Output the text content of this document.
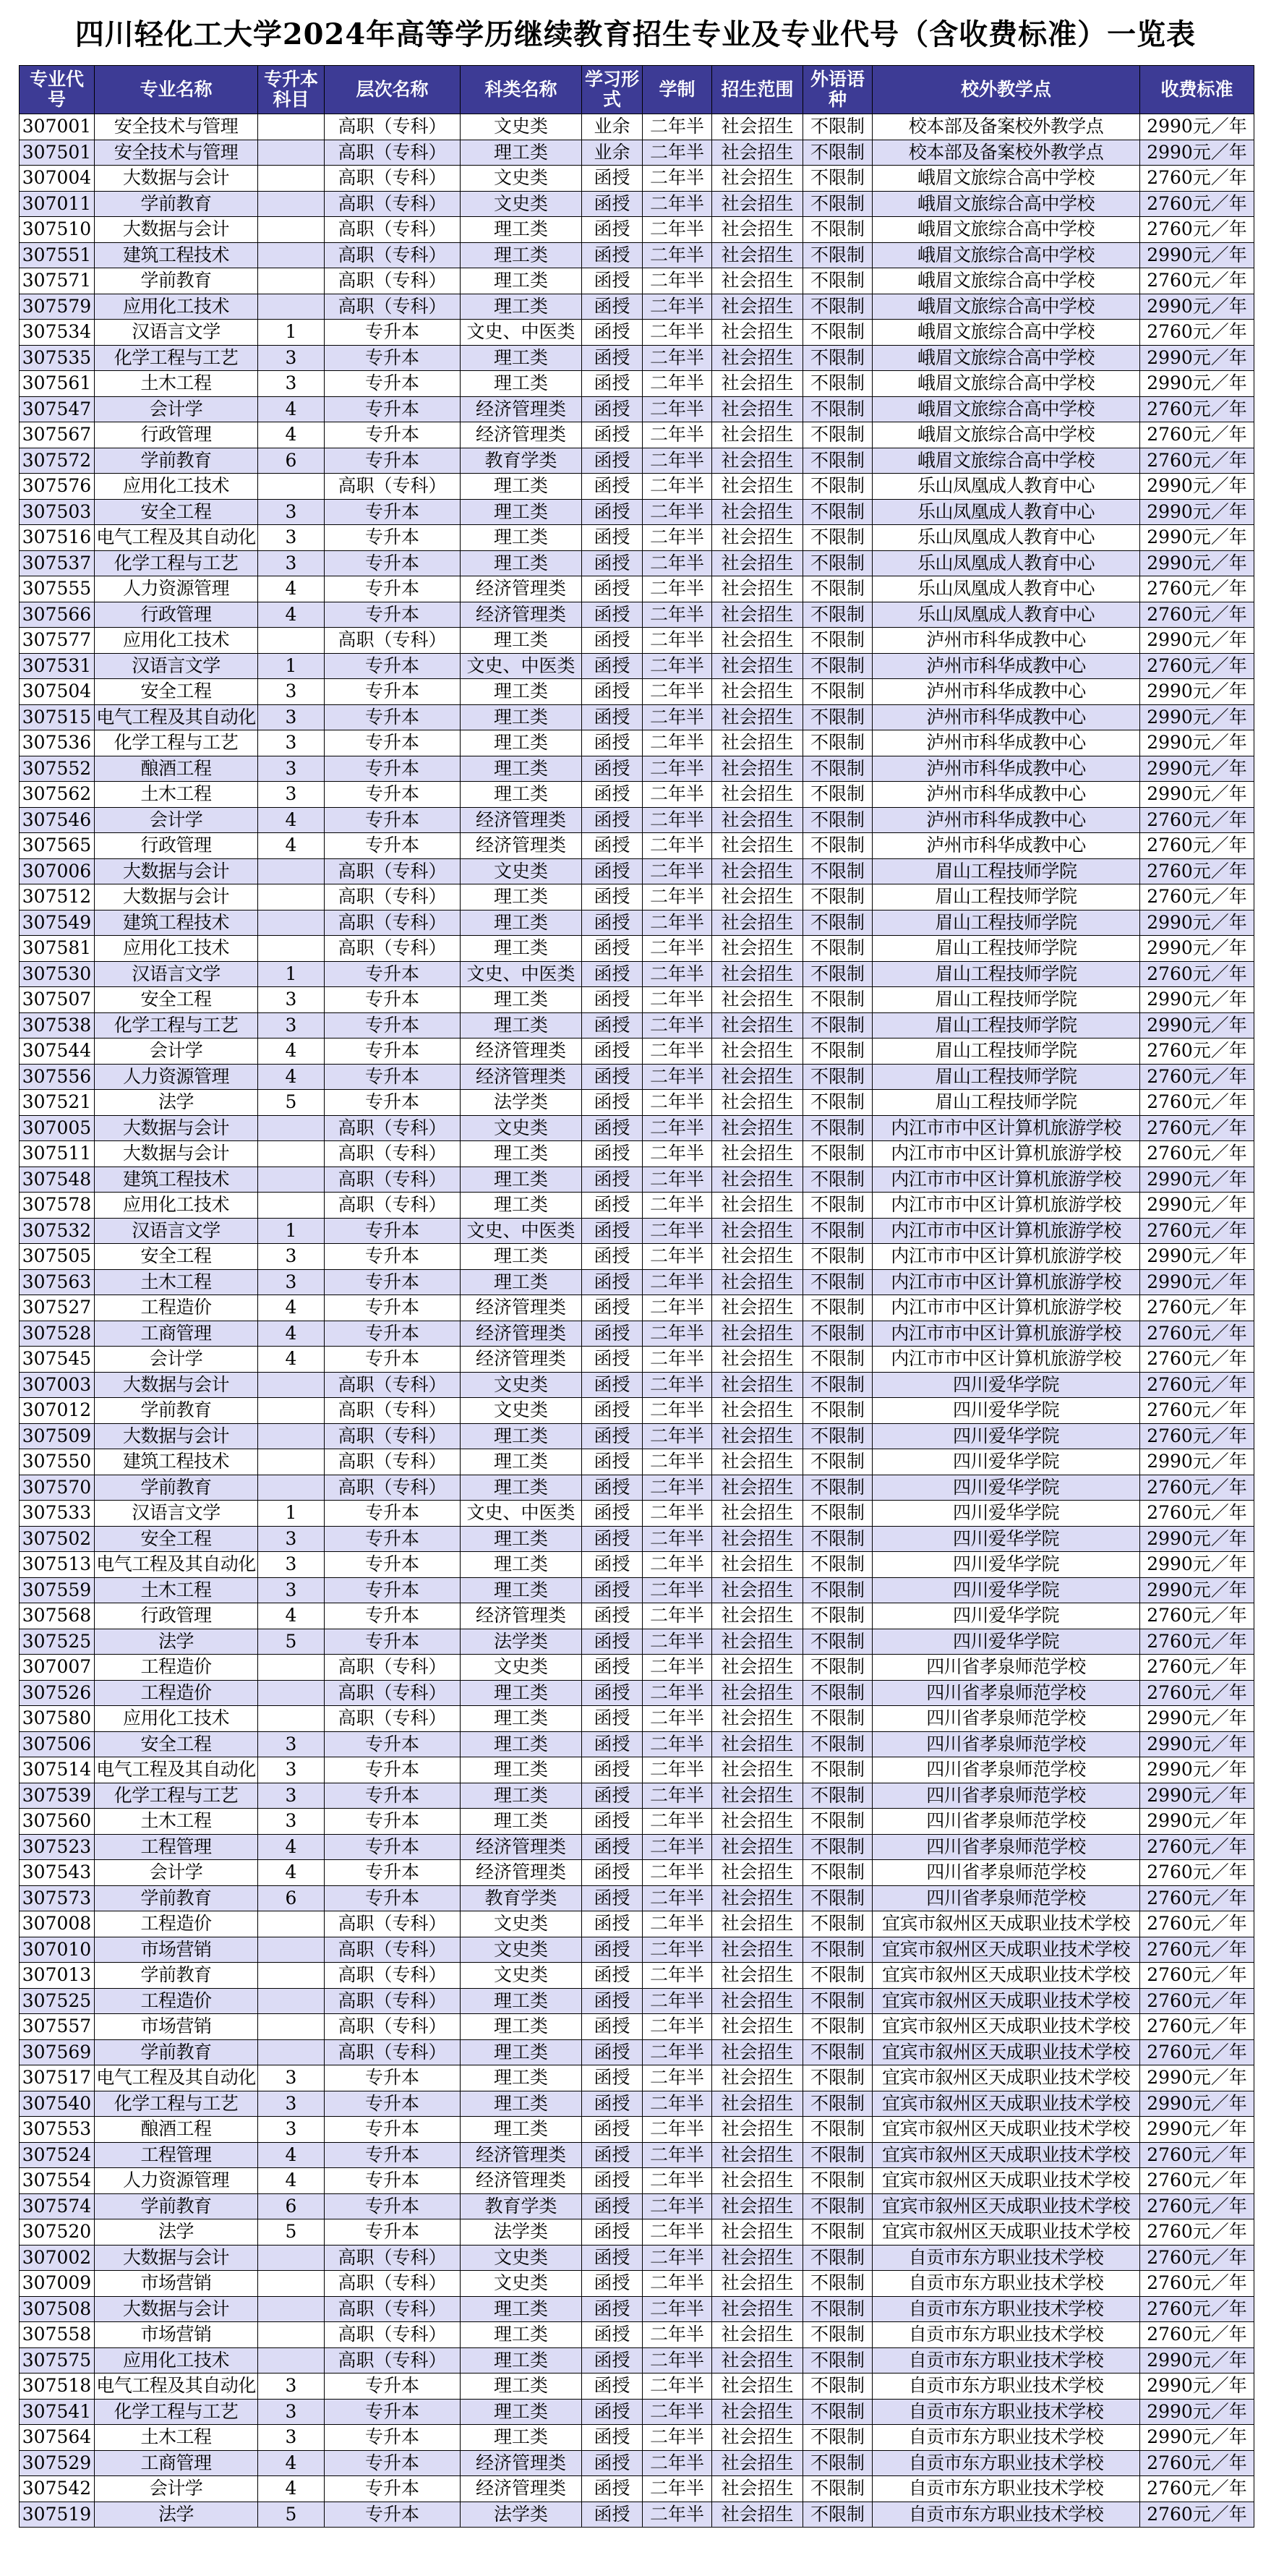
四川轻化工大学2024年高等学历继续教育招生专业及专业代号（含收费标准）一览表
专业代号	专业名称	专升本科目	层次名称	科类名称	学习形式	学制	招生范围	外语语种	校外教学点	收费标准
307001	安全技术与管理		高职（专科）	文史类	业余	二年半	社会招生	不限制	校本部及备案校外教学点	2990元／年
307501	安全技术与管理		高职（专科）	理工类	业余	二年半	社会招生	不限制	校本部及备案校外教学点	2990元／年
307004	大数据与会计		高职（专科）	文史类	函授	二年半	社会招生	不限制	峨眉文旅综合高中学校	2760元／年
307011	学前教育		高职（专科）	文史类	函授	二年半	社会招生	不限制	峨眉文旅综合高中学校	2760元／年
307510	大数据与会计		高职（专科）	理工类	函授	二年半	社会招生	不限制	峨眉文旅综合高中学校	2760元／年
307551	建筑工程技术		高职（专科）	理工类	函授	二年半	社会招生	不限制	峨眉文旅综合高中学校	2990元／年
307571	学前教育		高职（专科）	理工类	函授	二年半	社会招生	不限制	峨眉文旅综合高中学校	2760元／年
307579	应用化工技术		高职（专科）	理工类	函授	二年半	社会招生	不限制	峨眉文旅综合高中学校	2990元／年
307534	汉语言文学	1	专升本	文史、中医类	函授	二年半	社会招生	不限制	峨眉文旅综合高中学校	2760元／年
307535	化学工程与工艺	3	专升本	理工类	函授	二年半	社会招生	不限制	峨眉文旅综合高中学校	2990元／年
307561	土木工程	3	专升本	理工类	函授	二年半	社会招生	不限制	峨眉文旅综合高中学校	2990元／年
307547	会计学	4	专升本	经济管理类	函授	二年半	社会招生	不限制	峨眉文旅综合高中学校	2760元／年
307567	行政管理	4	专升本	经济管理类	函授	二年半	社会招生	不限制	峨眉文旅综合高中学校	2760元／年
307572	学前教育	6	专升本	教育学类	函授	二年半	社会招生	不限制	峨眉文旅综合高中学校	2760元／年
307576	应用化工技术		高职（专科）	理工类	函授	二年半	社会招生	不限制	乐山凤凰成人教育中心	2990元／年
307503	安全工程	3	专升本	理工类	函授	二年半	社会招生	不限制	乐山凤凰成人教育中心	2990元／年
307516	电气工程及其自动化	3	专升本	理工类	函授	二年半	社会招生	不限制	乐山凤凰成人教育中心	2990元／年
307537	化学工程与工艺	3	专升本	理工类	函授	二年半	社会招生	不限制	乐山凤凰成人教育中心	2990元／年
307555	人力资源管理	4	专升本	经济管理类	函授	二年半	社会招生	不限制	乐山凤凰成人教育中心	2760元／年
307566	行政管理	4	专升本	经济管理类	函授	二年半	社会招生	不限制	乐山凤凰成人教育中心	2760元／年
307577	应用化工技术		高职（专科）	理工类	函授	二年半	社会招生	不限制	泸州市科华成教中心	2990元／年
307531	汉语言文学	1	专升本	文史、中医类	函授	二年半	社会招生	不限制	泸州市科华成教中心	2760元／年
307504	安全工程	3	专升本	理工类	函授	二年半	社会招生	不限制	泸州市科华成教中心	2990元／年
307515	电气工程及其自动化	3	专升本	理工类	函授	二年半	社会招生	不限制	泸州市科华成教中心	2990元／年
307536	化学工程与工艺	3	专升本	理工类	函授	二年半	社会招生	不限制	泸州市科华成教中心	2990元／年
307552	酿酒工程	3	专升本	理工类	函授	二年半	社会招生	不限制	泸州市科华成教中心	2990元／年
307562	土木工程	3	专升本	理工类	函授	二年半	社会招生	不限制	泸州市科华成教中心	2990元／年
307546	会计学	4	专升本	经济管理类	函授	二年半	社会招生	不限制	泸州市科华成教中心	2760元／年
307565	行政管理	4	专升本	经济管理类	函授	二年半	社会招生	不限制	泸州市科华成教中心	2760元／年
307006	大数据与会计		高职（专科）	文史类	函授	二年半	社会招生	不限制	眉山工程技师学院	2760元／年
307512	大数据与会计		高职（专科）	理工类	函授	二年半	社会招生	不限制	眉山工程技师学院	2760元／年
307549	建筑工程技术		高职（专科）	理工类	函授	二年半	社会招生	不限制	眉山工程技师学院	2990元／年
307581	应用化工技术		高职（专科）	理工类	函授	二年半	社会招生	不限制	眉山工程技师学院	2990元／年
307530	汉语言文学	1	专升本	文史、中医类	函授	二年半	社会招生	不限制	眉山工程技师学院	2760元／年
307507	安全工程	3	专升本	理工类	函授	二年半	社会招生	不限制	眉山工程技师学院	2990元／年
307538	化学工程与工艺	3	专升本	理工类	函授	二年半	社会招生	不限制	眉山工程技师学院	2990元／年
307544	会计学	4	专升本	经济管理类	函授	二年半	社会招生	不限制	眉山工程技师学院	2760元／年
307556	人力资源管理	4	专升本	经济管理类	函授	二年半	社会招生	不限制	眉山工程技师学院	2760元／年
307521	法学	5	专升本	法学类	函授	二年半	社会招生	不限制	眉山工程技师学院	2760元／年
307005	大数据与会计		高职（专科）	文史类	函授	二年半	社会招生	不限制	内江市市中区计算机旅游学校	2760元／年
307511	大数据与会计		高职（专科）	理工类	函授	二年半	社会招生	不限制	内江市市中区计算机旅游学校	2760元／年
307548	建筑工程技术		高职（专科）	理工类	函授	二年半	社会招生	不限制	内江市市中区计算机旅游学校	2990元／年
307578	应用化工技术		高职（专科）	理工类	函授	二年半	社会招生	不限制	内江市市中区计算机旅游学校	2990元／年
307532	汉语言文学	1	专升本	文史、中医类	函授	二年半	社会招生	不限制	内江市市中区计算机旅游学校	2760元／年
307505	安全工程	3	专升本	理工类	函授	二年半	社会招生	不限制	内江市市中区计算机旅游学校	2990元／年
307563	土木工程	3	专升本	理工类	函授	二年半	社会招生	不限制	内江市市中区计算机旅游学校	2990元／年
307527	工程造价	4	专升本	经济管理类	函授	二年半	社会招生	不限制	内江市市中区计算机旅游学校	2760元／年
307528	工商管理	4	专升本	经济管理类	函授	二年半	社会招生	不限制	内江市市中区计算机旅游学校	2760元／年
307545	会计学	4	专升本	经济管理类	函授	二年半	社会招生	不限制	内江市市中区计算机旅游学校	2760元／年
307003	大数据与会计		高职（专科）	文史类	函授	二年半	社会招生	不限制	四川爱华学院	2760元／年
307012	学前教育		高职（专科）	文史类	函授	二年半	社会招生	不限制	四川爱华学院	2760元／年
307509	大数据与会计		高职（专科）	理工类	函授	二年半	社会招生	不限制	四川爱华学院	2760元／年
307550	建筑工程技术		高职（专科）	理工类	函授	二年半	社会招生	不限制	四川爱华学院	2990元／年
307570	学前教育		高职（专科）	理工类	函授	二年半	社会招生	不限制	四川爱华学院	2760元／年
307533	汉语言文学	1	专升本	文史、中医类	函授	二年半	社会招生	不限制	四川爱华学院	2760元／年
307502	安全工程	3	专升本	理工类	函授	二年半	社会招生	不限制	四川爱华学院	2990元／年
307513	电气工程及其自动化	3	专升本	理工类	函授	二年半	社会招生	不限制	四川爱华学院	2990元／年
307559	土木工程	3	专升本	理工类	函授	二年半	社会招生	不限制	四川爱华学院	2990元／年
307568	行政管理	4	专升本	经济管理类	函授	二年半	社会招生	不限制	四川爱华学院	2760元／年
307525	法学	5	专升本	法学类	函授	二年半	社会招生	不限制	四川爱华学院	2760元／年
307007	工程造价		高职（专科）	文史类	函授	二年半	社会招生	不限制	四川省孝泉师范学校	2760元／年
307526	工程造价		高职（专科）	理工类	函授	二年半	社会招生	不限制	四川省孝泉师范学校	2760元／年
307580	应用化工技术		高职（专科）	理工类	函授	二年半	社会招生	不限制	四川省孝泉师范学校	2990元／年
307506	安全工程	3	专升本	理工类	函授	二年半	社会招生	不限制	四川省孝泉师范学校	2990元／年
307514	电气工程及其自动化	3	专升本	理工类	函授	二年半	社会招生	不限制	四川省孝泉师范学校	2990元／年
307539	化学工程与工艺	3	专升本	理工类	函授	二年半	社会招生	不限制	四川省孝泉师范学校	2990元／年
307560	土木工程	3	专升本	理工类	函授	二年半	社会招生	不限制	四川省孝泉师范学校	2990元／年
307523	工程管理	4	专升本	经济管理类	函授	二年半	社会招生	不限制	四川省孝泉师范学校	2760元／年
307543	会计学	4	专升本	经济管理类	函授	二年半	社会招生	不限制	四川省孝泉师范学校	2760元／年
307573	学前教育	6	专升本	教育学类	函授	二年半	社会招生	不限制	四川省孝泉师范学校	2760元／年
307008	工程造价		高职（专科）	文史类	函授	二年半	社会招生	不限制	宜宾市叙州区天成职业技术学校	2760元／年
307010	市场营销		高职（专科）	文史类	函授	二年半	社会招生	不限制	宜宾市叙州区天成职业技术学校	2760元／年
307013	学前教育		高职（专科）	文史类	函授	二年半	社会招生	不限制	宜宾市叙州区天成职业技术学校	2760元／年
307525	工程造价		高职（专科）	理工类	函授	二年半	社会招生	不限制	宜宾市叙州区天成职业技术学校	2760元／年
307557	市场营销		高职（专科）	理工类	函授	二年半	社会招生	不限制	宜宾市叙州区天成职业技术学校	2760元／年
307569	学前教育		高职（专科）	理工类	函授	二年半	社会招生	不限制	宜宾市叙州区天成职业技术学校	2760元／年
307517	电气工程及其自动化	3	专升本	理工类	函授	二年半	社会招生	不限制	宜宾市叙州区天成职业技术学校	2990元／年
307540	化学工程与工艺	3	专升本	理工类	函授	二年半	社会招生	不限制	宜宾市叙州区天成职业技术学校	2990元／年
307553	酿酒工程	3	专升本	理工类	函授	二年半	社会招生	不限制	宜宾市叙州区天成职业技术学校	2990元／年
307524	工程管理	4	专升本	经济管理类	函授	二年半	社会招生	不限制	宜宾市叙州区天成职业技术学校	2760元／年
307554	人力资源管理	4	专升本	经济管理类	函授	二年半	社会招生	不限制	宜宾市叙州区天成职业技术学校	2760元／年
307574	学前教育	6	专升本	教育学类	函授	二年半	社会招生	不限制	宜宾市叙州区天成职业技术学校	2760元／年
307520	法学	5	专升本	法学类	函授	二年半	社会招生	不限制	宜宾市叙州区天成职业技术学校	2760元／年
307002	大数据与会计		高职（专科）	文史类	函授	二年半	社会招生	不限制	自贡市东方职业技术学校	2760元／年
307009	市场营销		高职（专科）	文史类	函授	二年半	社会招生	不限制	自贡市东方职业技术学校	2760元／年
307508	大数据与会计		高职（专科）	理工类	函授	二年半	社会招生	不限制	自贡市东方职业技术学校	2760元／年
307558	市场营销		高职（专科）	理工类	函授	二年半	社会招生	不限制	自贡市东方职业技术学校	2760元／年
307575	应用化工技术		高职（专科）	理工类	函授	二年半	社会招生	不限制	自贡市东方职业技术学校	2990元／年
307518	电气工程及其自动化	3	专升本	理工类	函授	二年半	社会招生	不限制	自贡市东方职业技术学校	2990元／年
307541	化学工程与工艺	3	专升本	理工类	函授	二年半	社会招生	不限制	自贡市东方职业技术学校	2990元／年
307564	土木工程	3	专升本	理工类	函授	二年半	社会招生	不限制	自贡市东方职业技术学校	2990元／年
307529	工商管理	4	专升本	经济管理类	函授	二年半	社会招生	不限制	自贡市东方职业技术学校	2760元／年
307542	会计学	4	专升本	经济管理类	函授	二年半	社会招生	不限制	自贡市东方职业技术学校	2760元／年
307519	法学	5	专升本	法学类	函授	二年半	社会招生	不限制	自贡市东方职业技术学校	2760元／年
